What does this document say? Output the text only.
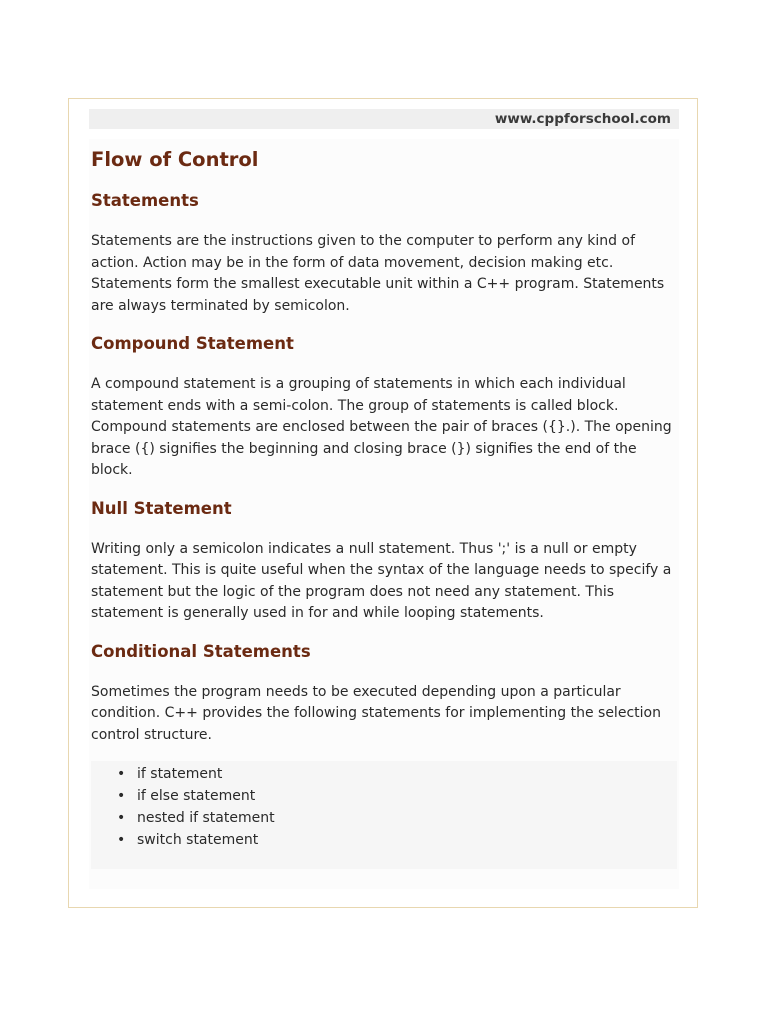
www.cppforschool.com
Flow of Control
Statements

Statements are the instructions given to the computer to perform any kind of action. Action may be in the form of data movement, decision making etc. Statements form the smallest executable unit within a C++ program. Statements are always terminated by semicolon.

Compound Statement

A compound statement is a grouping of statements in which each individual statement ends with a semi-colon. The group of statements is called block. Compound statements are enclosed between the pair of braces ({}.). The opening brace ({) signifies the beginning and closing brace (}) signifies the end of the block.

Null Statement

Writing only a semicolon indicates a null statement. Thus ';' is a null or empty statement. This is quite useful when the syntax of the language needs to specify a statement but the logic of the program does not need any statement. This statement is generally used in for and while looping statements.

Conditional Statements

Sometimes the program needs to be executed depending upon a particular condition. C++ provides the following statements for implementing the selection control structure.

• if statement
• if else statement
• nested if statement
• switch statement
